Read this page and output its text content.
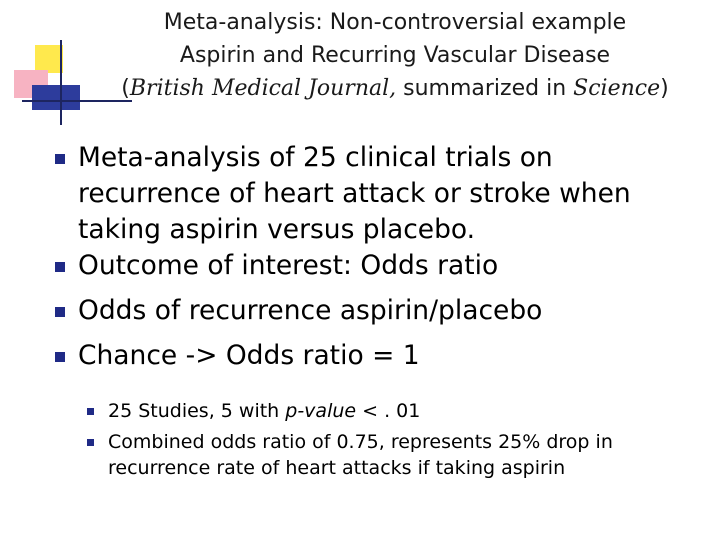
Meta-analysis: Non-controversial example
Aspirin and Recurring Vascular Disease
(British Medical Journal, summarized in Science)
Meta-analysis of 25 clinical trials on
recurrence of heart attack or stroke when
taking aspirin versus placebo.
Outcome of interest: Odds ratio
Odds of recurrence aspirin/placebo
Chance -> Odds ratio = 1
25 Studies, 5 with p-value < . 01
Combined odds ratio of 0.75, represents 25% drop in
recurrence rate of heart attacks if taking aspirin
